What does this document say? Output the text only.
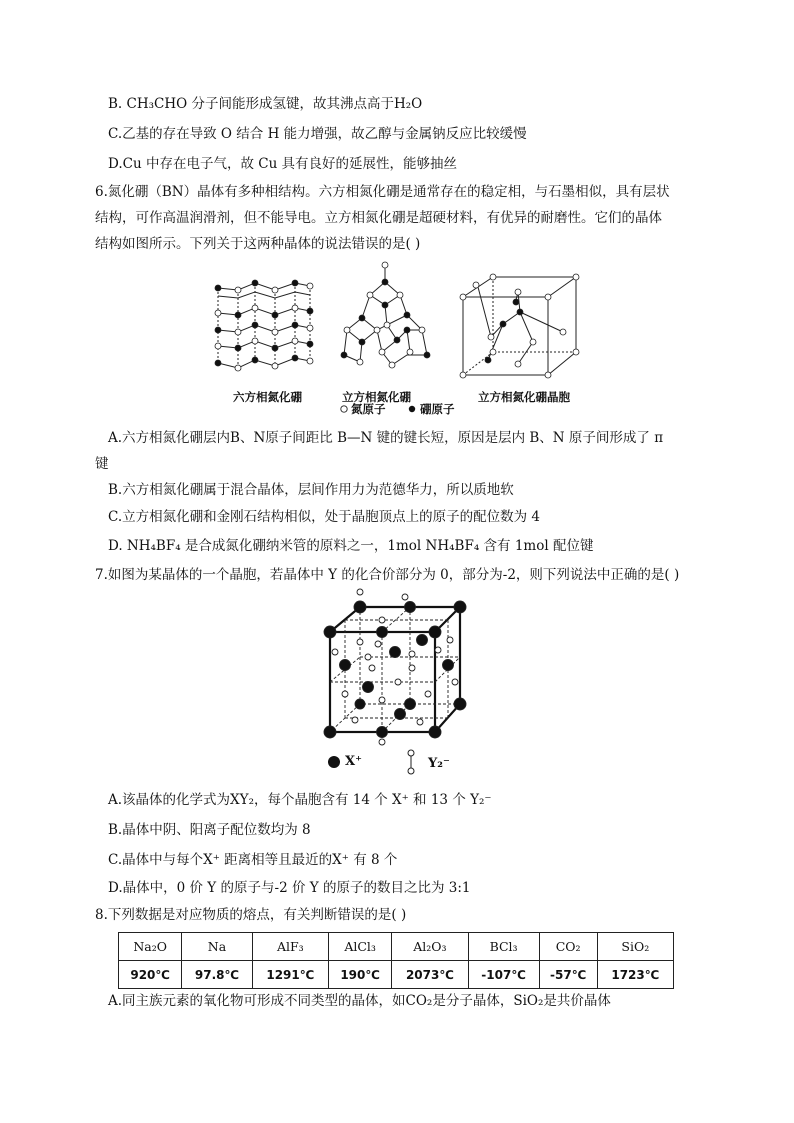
B. CH₃CHO 分子间能形成氢键，故其沸点高于H₂O
C.乙基的存在导致 O 结合 H 能力增强，故乙醇与金属钠反应比较缓慢
D.Cu 中存在电子气，故 Cu 具有良好的延展性，能够抽丝
6.氮化硼（BN）晶体有多种相结构。六方相氮化硼是通常存在的稳定相，与石墨相似，具有层状
结构，可作高温润滑剂，但不能导电。立方相氮化硼是超硬材料，有优异的耐磨性。它们的晶体
结构如图所示。下列关于这两种晶体的说法错误的是( )
六方相氮化硼	立方相氮化硼	立方相氮化硼晶胞
氮原子	硼原子
A.六方相氮化硼层内B、N原子间距比 B—N 键的键长短，原因是层内 B、N 原子间形成了 π
键
B.六方相氮化硼属于混合晶体，层间作用力为范德华力，所以质地软
C.立方相氮化硼和金刚石结构相似，处于晶胞顶点上的原子的配位数为 4
D. NH₄BF₄ 是合成氮化硼纳米管的原料之一，1mol NH₄BF₄ 含有 1mol 配位键
7.如图为某晶体的一个晶胞，若晶体中 Y 的化合价部分为 0，部分为-2，则下列说法中正确的是( )
X⁺	Y₂⁻
A.该晶体的化学式为XY₂，每个晶胞含有 14 个 X⁺ 和 13 个 Y₂⁻
B.晶体中阴、阳离子配位数均为 8
C.晶体中与每个X⁺ 距离相等且最近的X⁺ 有 8 个
D.晶体中，0 价 Y 的原子与-2 价 Y 的原子的数目之比为 3:1
8.下列数据是对应物质的熔点，有关判断错误的是( )
Na₂O	Na	AlF₃	AlCl₃	Al₂O₃	BCl₃	CO₂	SiO₂
920℃	97.8℃	1291℃	190℃	2073℃	-107℃	-57℃	1723℃
A.同主族元素的氧化物可形成不同类型的晶体，如CO₂是分子晶体，SiO₂是共价晶体
